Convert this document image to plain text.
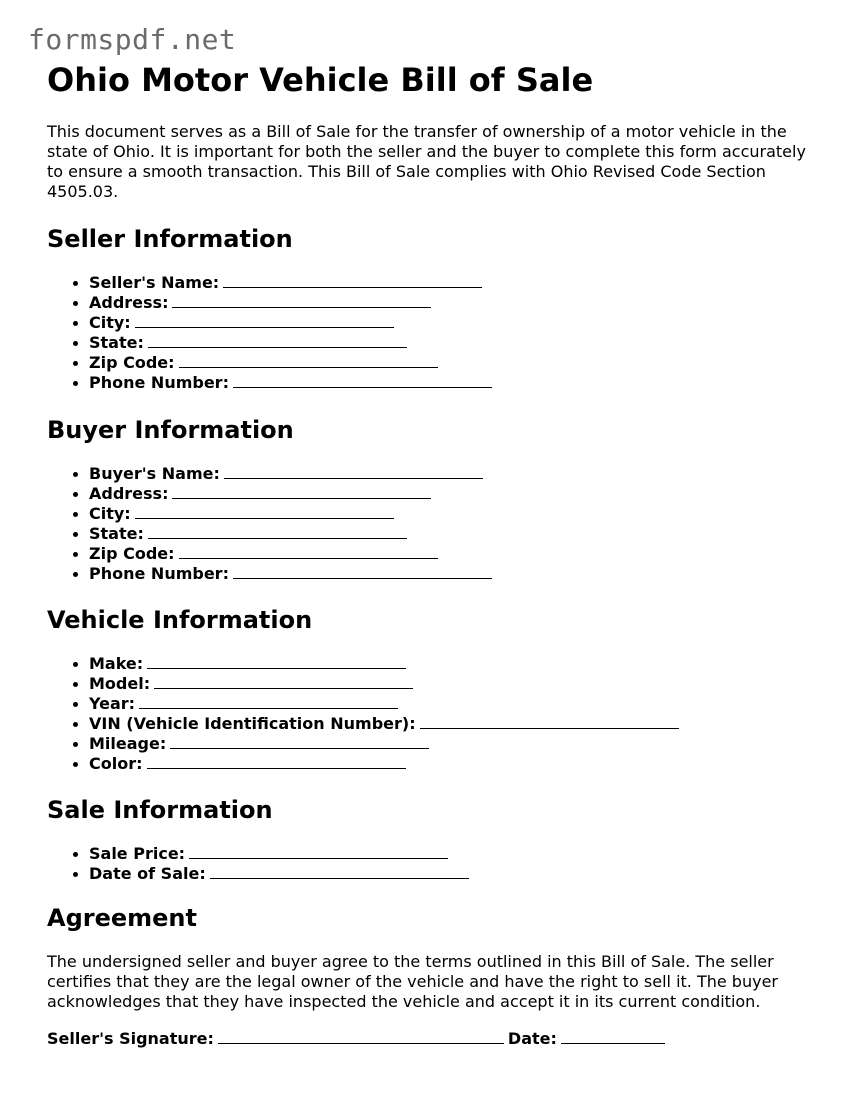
formspdf.net
Ohio Motor Vehicle Bill of Sale

This document serves as a Bill of Sale for the transfer of ownership of a motor vehicle in the state of Ohio. It is important for both the seller and the buyer to complete this form accurately to ensure a smooth transaction. This Bill of Sale complies with Ohio Revised Code Section 4505.03.

Seller Information
Seller's Name:
Address:
City:
State:
Zip Code:
Phone Number:
Buyer Information
Buyer's Name:
Address:
City:
State:
Zip Code:
Phone Number:
Vehicle Information
Make:
Model:
Year:
VIN (Vehicle Identification Number):
Mileage:
Color:
Sale Information
Sale Price:
Date of Sale:
Agreement

The undersigned seller and buyer agree to the terms outlined in this Bill of Sale. The seller certifies that they are the legal owner of the vehicle and have the right to sell it. The buyer acknowledges that they have inspected the vehicle and accept it in its current condition.

Seller's Signature:	Date:
